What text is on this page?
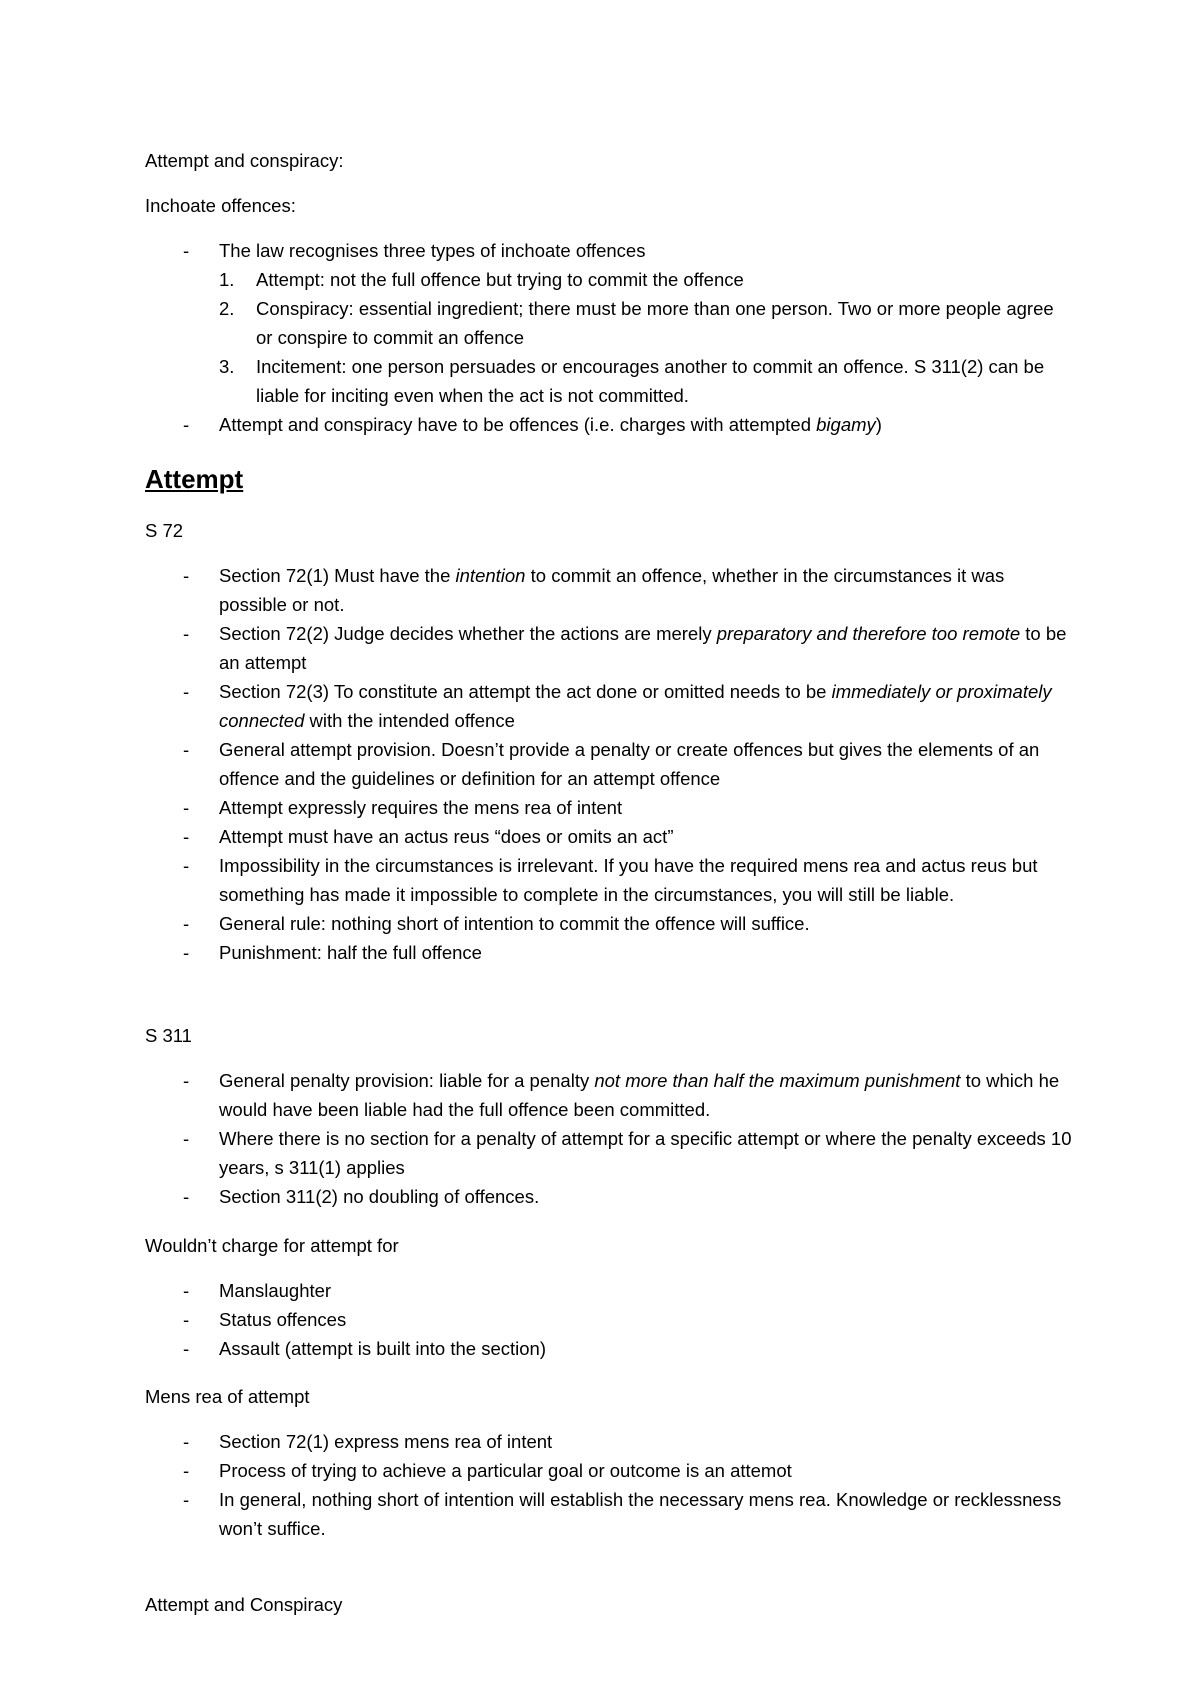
Attempt and conspiracy:

Inchoate offences:

- The law recognises three types of inchoate offences
1. Attempt: not the full offence but trying to commit the offence
2. Conspiracy: essential ingredient; there must be more than one person. Two or more people agree or conspire to commit an offence
3. Incitement: one person persuades or encourages another to commit an offence. S 311(2) can be liable for inciting even when the act is not committed.
- Attempt and conspiracy have to be offences (i.e. charges with attempted bigamy)

Attempt

S 72

- Section 72(1) Must have the intention to commit an offence, whether in the circumstances it was possible or not.
- Section 72(2) Judge decides whether the actions are merely preparatory and therefore too remote to be an attempt
- Section 72(3) To constitute an attempt the act done or omitted needs to be immediately or proximately connected with the intended offence
- General attempt provision. Doesn’t provide a penalty or create offences but gives the elements of an offence and the guidelines or definition for an attempt offence
- Attempt expressly requires the mens rea of intent
- Attempt must have an actus reus “does or omits an act”
- Impossibility in the circumstances is irrelevant. If you have the required mens rea and actus reus but something has made it impossible to complete in the circumstances, you will still be liable.
- General rule: nothing short of intention to commit the offence will suffice.
- Punishment: half the full offence

S 311

- General penalty provision: liable for a penalty not more than half the maximum punishment to which he would have been liable had the full offence been committed.
- Where there is no section for a penalty of attempt for a specific attempt or where the penalty exceeds 10 years, s 311(1) applies
- Section 311(2) no doubling of offences.

Wouldn’t charge for attempt for

- Manslaughter
- Status offences
- Assault (attempt is built into the section)

Mens rea of attempt

- Section 72(1) express mens rea of intent
- Process of trying to achieve a particular goal or outcome is an attemot
- In general, nothing short of intention will establish the necessary mens rea. Knowledge or recklessness won’t suffice.

Attempt and Conspiracy
